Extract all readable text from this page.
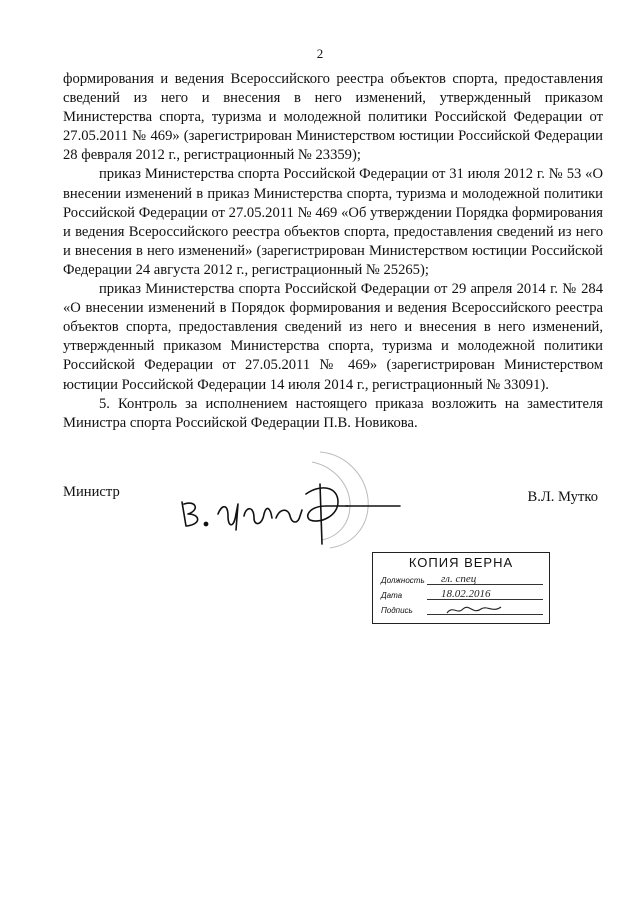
2

формирования и ведения Всероссийского реестра объектов спорта, предоставления сведений из него и внесения в него изменений, утвержденный приказом Министерства спорта, туризма и молодежной политики Российской Федерации от 27.05.2011 № 469» (зарегистрирован Министерством юстиции Российской Федерации 28 февраля 2012 г., регистрационный № 23359);

приказ Министерства спорта Российской Федерации от 31 июля 2012 г. № 53 «О внесении изменений в приказ Министерства спорта, туризма и молодежной политики Российской Федерации от 27.05.2011 № 469 «Об утверждении Порядка формирования и ведения Всероссийского реестра объектов спорта, предоставления сведений из него и внесения в него изменений» (зарегистрирован Министерством юстиции Российской Федерации 24 августа 2012 г., регистрационный № 25265);

приказ Министерства спорта Российской Федерации от 29 апреля 2014 г. № 284 «О внесении изменений в Порядок формирования и ведения Всероссийского реестра объектов спорта, предоставления сведений из него и внесения в него изменений, утвержденный приказом Министерства спорта, туризма и молодежной политики Российской Федерации от 27.05.2011 № 469» (зарегистрирован Министерством юстиции Российской Федерации 14 июля 2014 г., регистрационный № 33091).

5. Контроль за исполнением настоящего приказа возложить на заместителя Министра спорта Российской Федерации П.В. Новикова.

Министр	В.Л. Мутко
КОПИЯ ВЕРНА
Должность гл. спец
Дата	18.02.2016
Подпись
